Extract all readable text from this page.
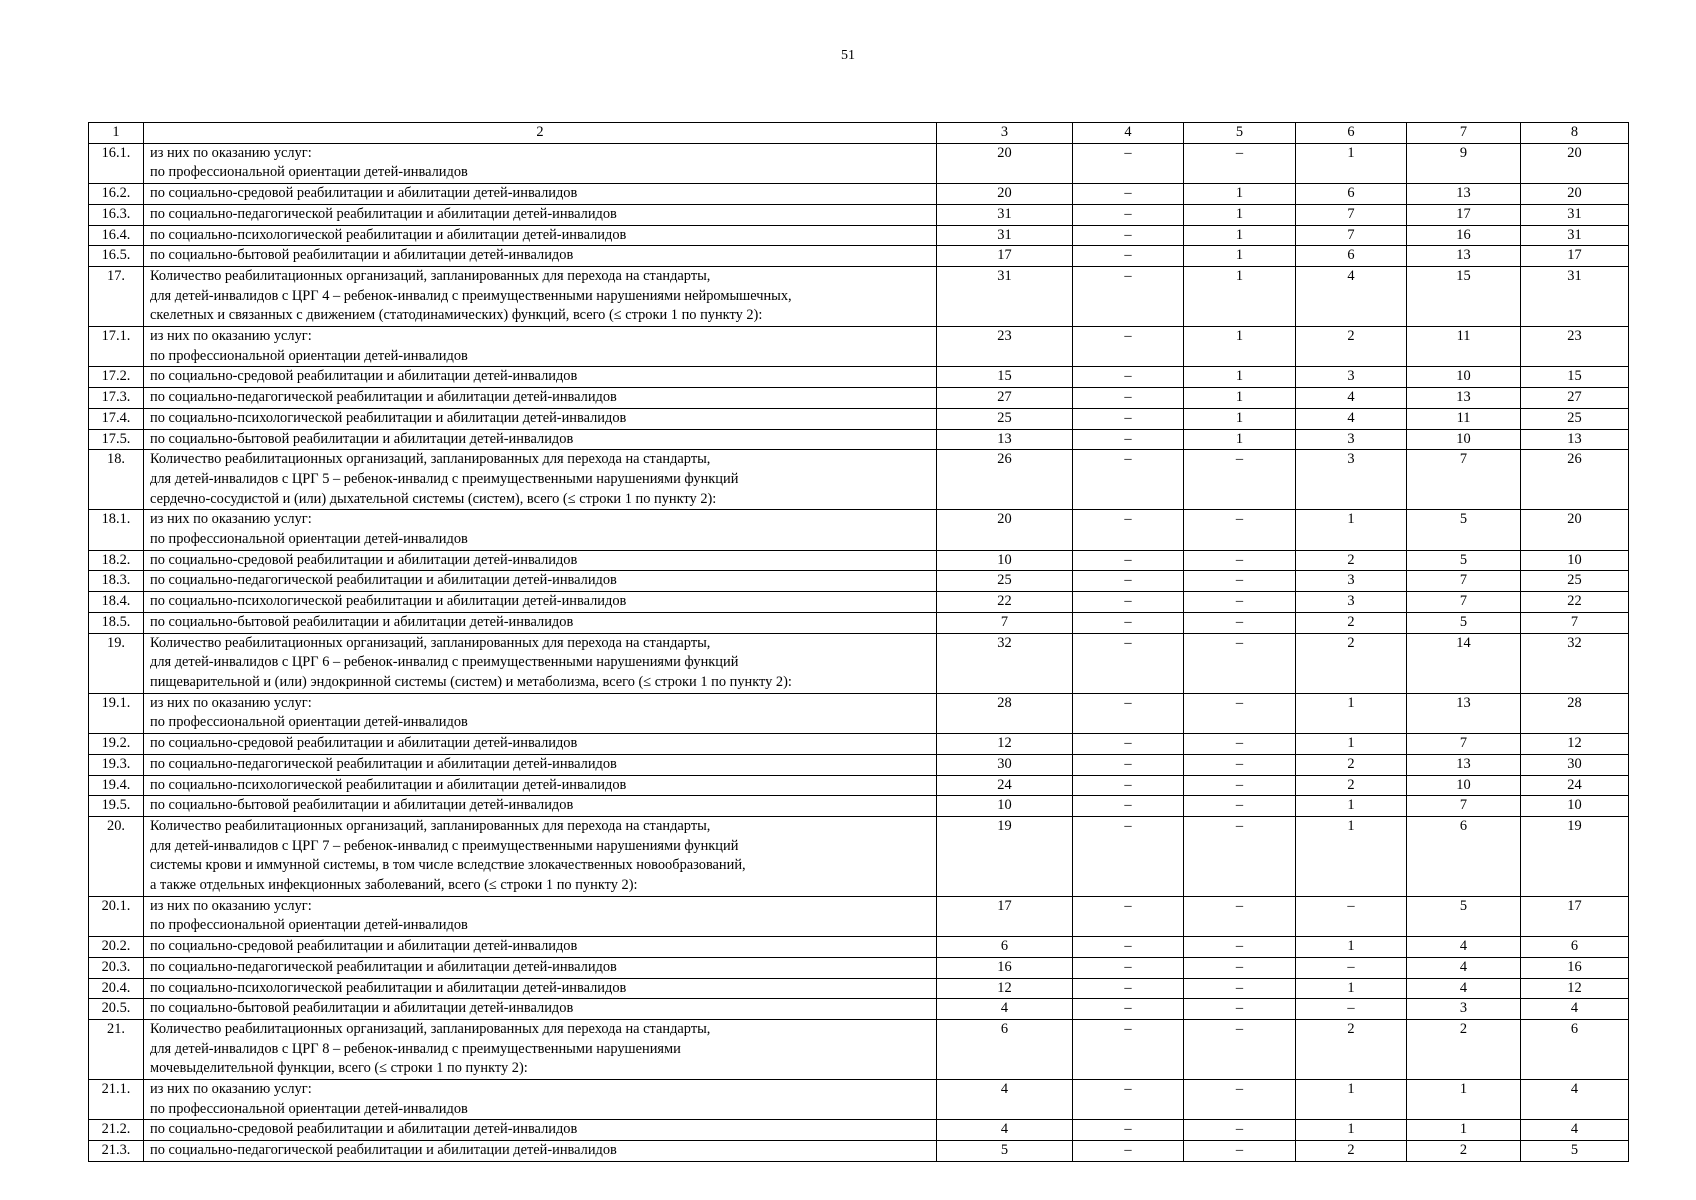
51
1	2	3	4	5	6	7	8
16.1.	из них по оказанию услуг:
по профессиональной ориентации детей-инвалидов	20	–	–	1	9	20
16.2.	по социально-средовой реабилитации и абилитации детей-инвалидов	20	–	1	6	13	20
16.3.	по социально-педагогической реабилитации и абилитации детей-инвалидов	31	–	1	7	17	31
16.4.	по социально-психологической реабилитации и абилитации детей-инвалидов	31	–	1	7	16	31
16.5.	по социально-бытовой реабилитации и абилитации детей-инвалидов	17	–	1	6	13	17
17.	Количество реабилитационных организаций, запланированных для перехода на стандарты,
для детей-инвалидов с ЦРГ 4 – ребенок-инвалид с преимущественными нарушениями нейромышечных,
скелетных и связанных с движением (статодинамических) функций, всего (≤ строки 1 по пункту 2):	31	–	1	4	15	31
17.1.	из них по оказанию услуг:
по профессиональной ориентации детей-инвалидов	23	–	1	2	11	23
17.2.	по социально-средовой реабилитации и абилитации детей-инвалидов	15	–	1	3	10	15
17.3.	по социально-педагогической реабилитации и абилитации детей-инвалидов	27	–	1	4	13	27
17.4.	по социально-психологической реабилитации и абилитации детей-инвалидов	25	–	1	4	11	25
17.5.	по социально-бытовой реабилитации и абилитации детей-инвалидов	13	–	1	3	10	13
18.	Количество реабилитационных организаций, запланированных для перехода на стандарты,
для детей-инвалидов с ЦРГ 5 – ребенок-инвалид с преимущественными нарушениями функций
сердечно-сосудистой и (или) дыхательной системы (систем), всего (≤ строки 1 по пункту 2):	26	–	–	3	7	26
18.1.	из них по оказанию услуг:
по профессиональной ориентации детей-инвалидов	20	–	–	1	5	20
18.2.	по социально-средовой реабилитации и абилитации детей-инвалидов	10	–	–	2	5	10
18.3.	по социально-педагогической реабилитации и абилитации детей-инвалидов	25	–	–	3	7	25
18.4.	по социально-психологической реабилитации и абилитации детей-инвалидов	22	–	–	3	7	22
18.5.	по социально-бытовой реабилитации и абилитации детей-инвалидов	7	–	–	2	5	7
19.	Количество реабилитационных организаций, запланированных для перехода на стандарты,
для детей-инвалидов с ЦРГ 6 – ребенок-инвалид с преимущественными нарушениями функций
пищеварительной и (или) эндокринной системы (систем) и метаболизма, всего (≤ строки 1 по пункту 2):	32	–	–	2	14	32
19.1.	из них по оказанию услуг:
по профессиональной ориентации детей-инвалидов	28	–	–	1	13	28
19.2.	по социально-средовой реабилитации и абилитации детей-инвалидов	12	–	–	1	7	12
19.3.	по социально-педагогической реабилитации и абилитации детей-инвалидов	30	–	–	2	13	30
19.4.	по социально-психологической реабилитации и абилитации детей-инвалидов	24	–	–	2	10	24
19.5.	по социально-бытовой реабилитации и абилитации детей-инвалидов	10	–	–	1	7	10
20.	Количество реабилитационных организаций, запланированных для перехода на стандарты,
для детей-инвалидов с ЦРГ 7 – ребенок-инвалид с преимущественными нарушениями функций
системы крови и иммунной системы, в том числе вследствие злокачественных новообразований,
а также отдельных инфекционных заболеваний, всего (≤ строки 1 по пункту 2):	19	–	–	1	6	19
20.1.	из них по оказанию услуг:
по профессиональной ориентации детей-инвалидов	17	–	–	–	5	17
20.2.	по социально-средовой реабилитации и абилитации детей-инвалидов	6	–	–	1	4	6
20.3.	по социально-педагогической реабилитации и абилитации детей-инвалидов	16	–	–	–	4	16
20.4.	по социально-психологической реабилитации и абилитации детей-инвалидов	12	–	–	1	4	12
20.5.	по социально-бытовой реабилитации и абилитации детей-инвалидов	4	–	–	–	3	4
21.	Количество реабилитационных организаций, запланированных для перехода на стандарты,
для детей-инвалидов с ЦРГ 8 – ребенок-инвалид с преимущественными нарушениями
мочевыделительной функции, всего (≤ строки 1 по пункту 2):	6	–	–	2	2	6
21.1.	из них по оказанию услуг:
по профессиональной ориентации детей-инвалидов	4	–	–	1	1	4
21.2.	по социально-средовой реабилитации и абилитации детей-инвалидов	4	–	–	1	1	4
21.3.	по социально-педагогической реабилитации и абилитации детей-инвалидов	5	–	–	2	2	5
